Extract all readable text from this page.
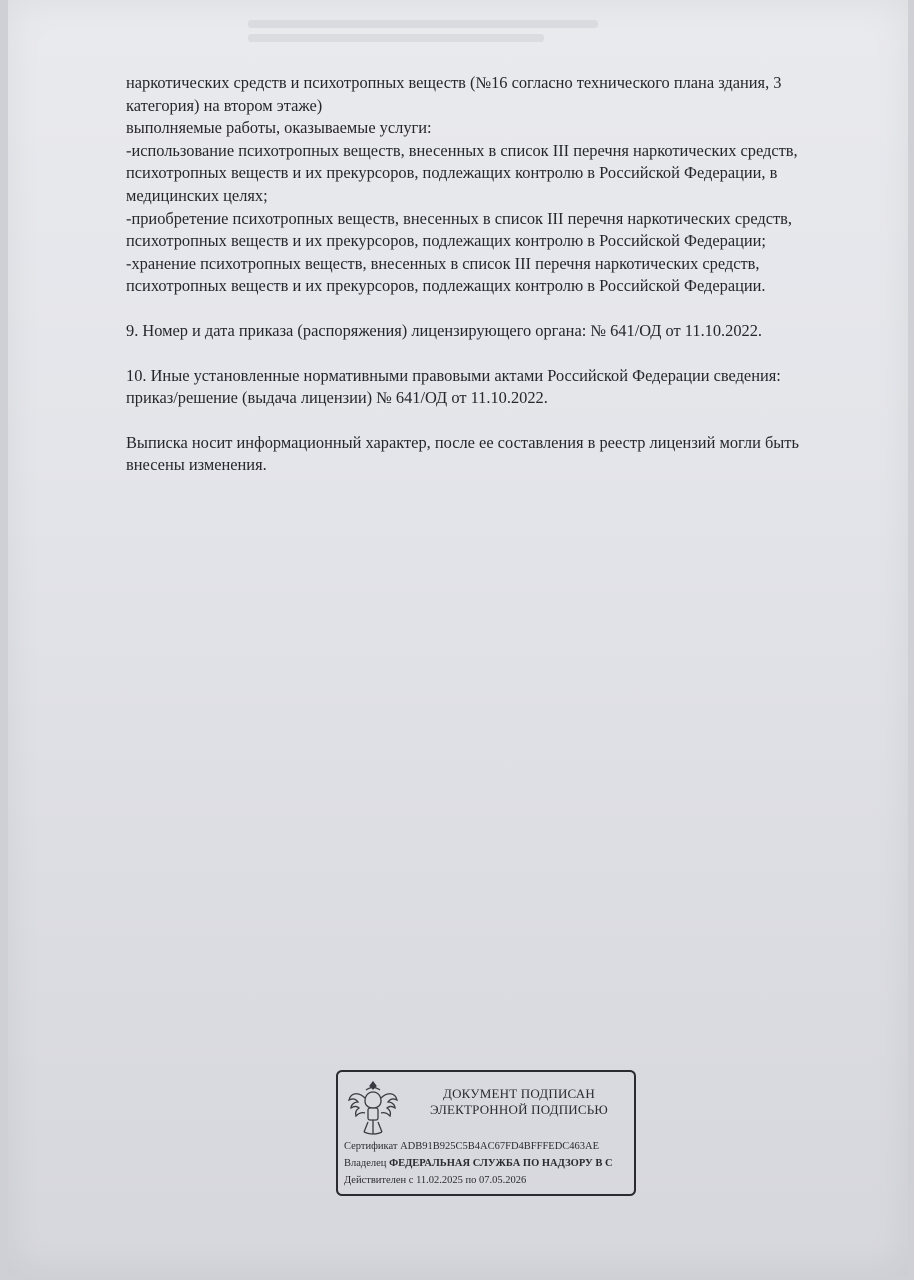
наркотических средств и психотропных веществ (№16 согласно технического плана здания, 3
категория) на втором этаже)
выполняемые работы, оказываемые услуги:
-использование психотропных веществ, внесенных в список III перечня наркотических средств,
психотропных веществ и их прекурсоров, подлежащих контролю в Российской Федерации, в
медицинских целях;
-приобретение психотропных веществ, внесенных в список III перечня наркотических средств,
психотропных веществ и их прекурсоров, подлежащих контролю в Российской Федерации;
-хранение психотропных веществ, внесенных в список III перечня наркотических средств,
психотропных веществ и их прекурсоров, подлежащих контролю в Российской Федерации.

9. Номер и дата приказа (распоряжения) лицензирующего органа: № 641/ОД от 11.10.2022.

10. Иные установленные нормативными правовыми актами Российской Федерации сведения:
приказ/решение (выдача лицензии) № 641/ОД от 11.10.2022.

Выписка носит информационный характер, после ее составления в реестр лицензий могли быть
внесены изменения.

ДОКУМЕНТ ПОДПИСАН
ЭЛЕКТРОННОЙ ПОДПИСЬЮ
Сертификат ADB91B925C5B4AC67FD4BFFFEDC463AE
Владелец ФЕДЕРАЛЬНАЯ СЛУЖБА ПО НАДЗОРУ В С
Действителен с 11.02.2025 по 07.05.2026
